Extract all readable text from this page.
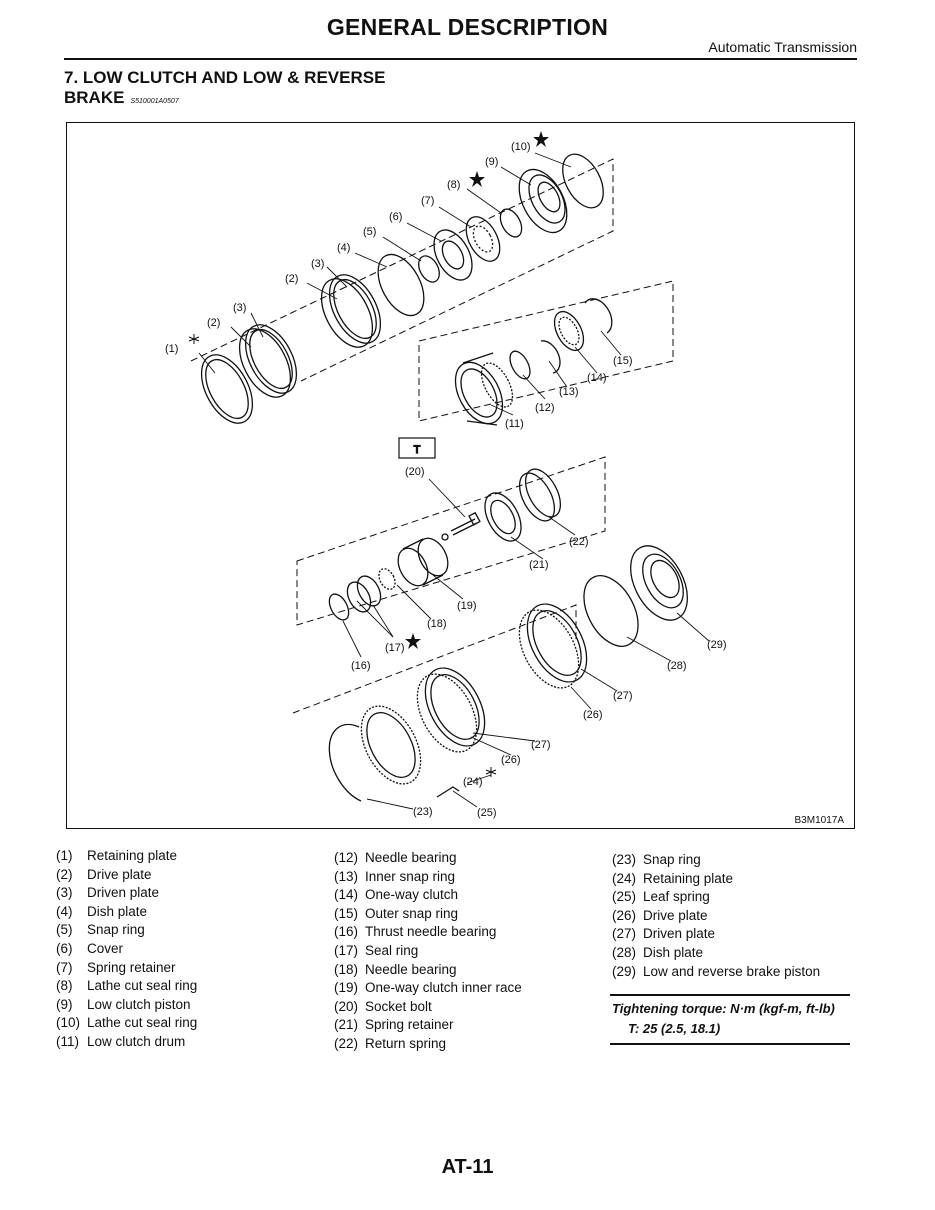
GENERAL DESCRIPTION
Automatic Transmission
7. LOW CLUTCH AND LOW & REVERSE
BRAKE S510001A0507
T
(1)
(2)
(3)
(2)
(3)
(4)
(5)
(6)
(7)
(8)
(9)
(10)
(11)
(12)
(13)
(14)
(15)
(16)
(17)
(18)
(19)
(20)
(21)
(22)
(23)
(24)
(25)
(26)
(26)
(27)
(27)
(28)
(29)
B3M1017A
(1) Retaining plate
(2) Drive plate
(3) Driven plate
(4) Dish plate
(5) Snap ring
(6) Cover
(7) Spring retainer
(8) Lathe cut seal ring
(9) Low clutch piston
(10) Lathe cut seal ring
(11) Low clutch drum
(12) Needle bearing
(13) Inner snap ring
(14) One-way clutch
(15) Outer snap ring
(16) Thrust needle bearing
(17) Seal ring
(18) Needle bearing
(19) One-way clutch inner race
(20) Socket bolt
(21) Spring retainer
(22) Return spring
(23) Snap ring
(24) Retaining plate
(25) Leaf spring
(26) Drive plate
(27) Driven plate
(28) Dish plate
(29) Low and reverse brake piston
Tightening torque: N·m (kgf-m, ft-lb)
T: 25 (2.5, 18.1)
AT-11
